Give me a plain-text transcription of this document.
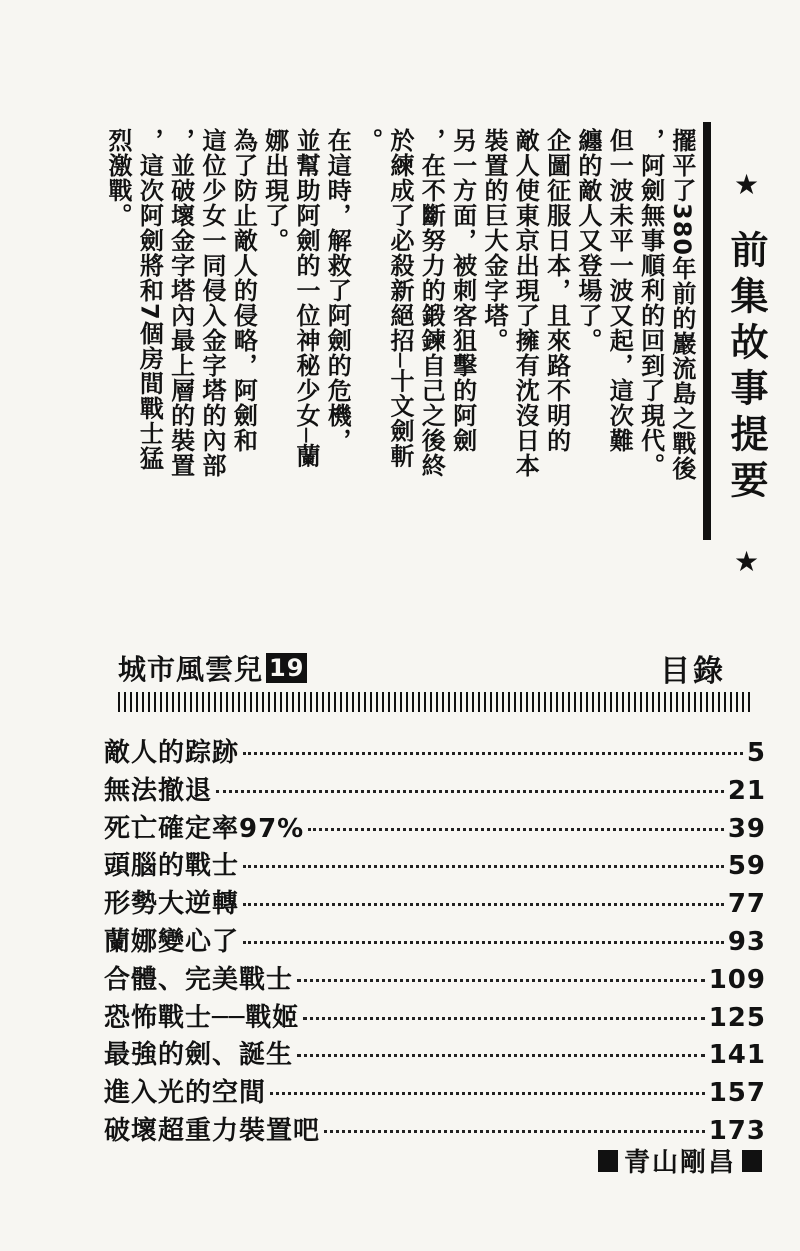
★ 前集故事提要 ★
擺平了380年前的巖流島之戰後
，阿劍無事順利的回到了現代。
但一波未平一波又起，這次難
纏的敵人又登場了。
企圖征服日本，且來路不明的
敵人使東京出現了擁有沈沒日本
裝置的巨大金字塔。
另一方面，被刺客狙擊的阿劍
，在不斷努力的鍛鍊自己之後終
於練成了必殺新絕招─十文劍斬
。
在這時，解救了阿劍的危機，
並幫助阿劍的一位神秘少女─蘭
娜出現了。
為了防止敵人的侵略，阿劍和
這位少女一同侵入金字塔的內部
，並破壞金字塔內最上層的裝置
，這次阿劍將和7個房間戰士猛
烈激戰。
城市風雲兒 19	目錄
敵人的踪跡	5
無法撤退	21
死亡確定率97%	39
頭腦的戰士	59
形勢大逆轉	77
蘭娜變心了	93
合體、完美戰士	109
恐怖戰士──戰姬	125
最強的劍、誕生	141
進入光的空間	157
破壞超重力裝置吧	173
青山剛昌
